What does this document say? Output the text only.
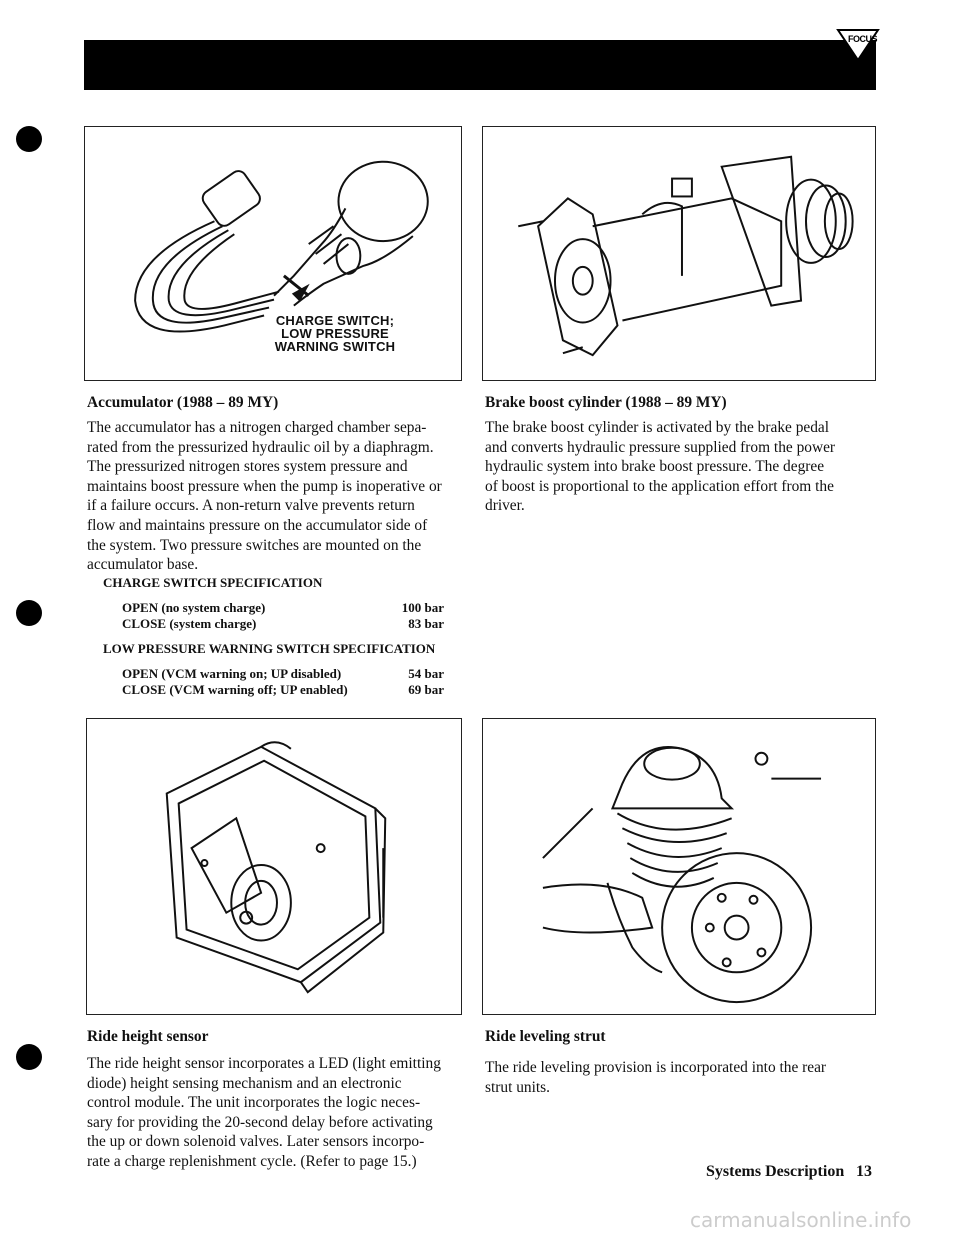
FOCUS
CHARGE SWITCH;
LOW PRESSURE
WARNING SWITCH
Accumulator (1988 – 89 MY)
The accumulator has a nitrogen charged chamber sepa-
rated from the pressurized hydraulic oil by a diaphragm.
The pressurized nitrogen stores system pressure and
maintains boost pressure when the pump is inoperative or
if a failure occurs. A non-return valve prevents return
flow and maintains pressure on the accumulator side of
the system. Two pressure switches are mounted on the
accumulator base.
CHARGE SWITCH SPECIFICATION
OPEN (no system charge)	100 bar
CLOSE (system charge)	83 bar
LOW PRESSURE WARNING SWITCH SPECIFICATION
OPEN (VCM warning on; UP disabled)	54 bar
CLOSE (VCM warning off; UP enabled)	69 bar
Brake boost cylinder (1988 – 89 MY)
The brake boost cylinder is activated by the brake pedal
and converts hydraulic pressure supplied from the power
hydraulic system into brake boost pressure. The degree
of boost is proportional to the application effort from the
driver.
Ride height sensor
The ride height sensor incorporates a LED (light emitting
diode) height sensing mechanism and an electronic
control module. The unit incorporates the logic neces-
sary for providing the 20-second delay before activating
the up or down solenoid valves. Later sensors incorpo-
rate a charge replenishment cycle. (Refer to page 15.)
Ride leveling strut
The ride leveling provision is incorporated into the rear
strut units.
Systems Description 13
carmanualsonline.info
